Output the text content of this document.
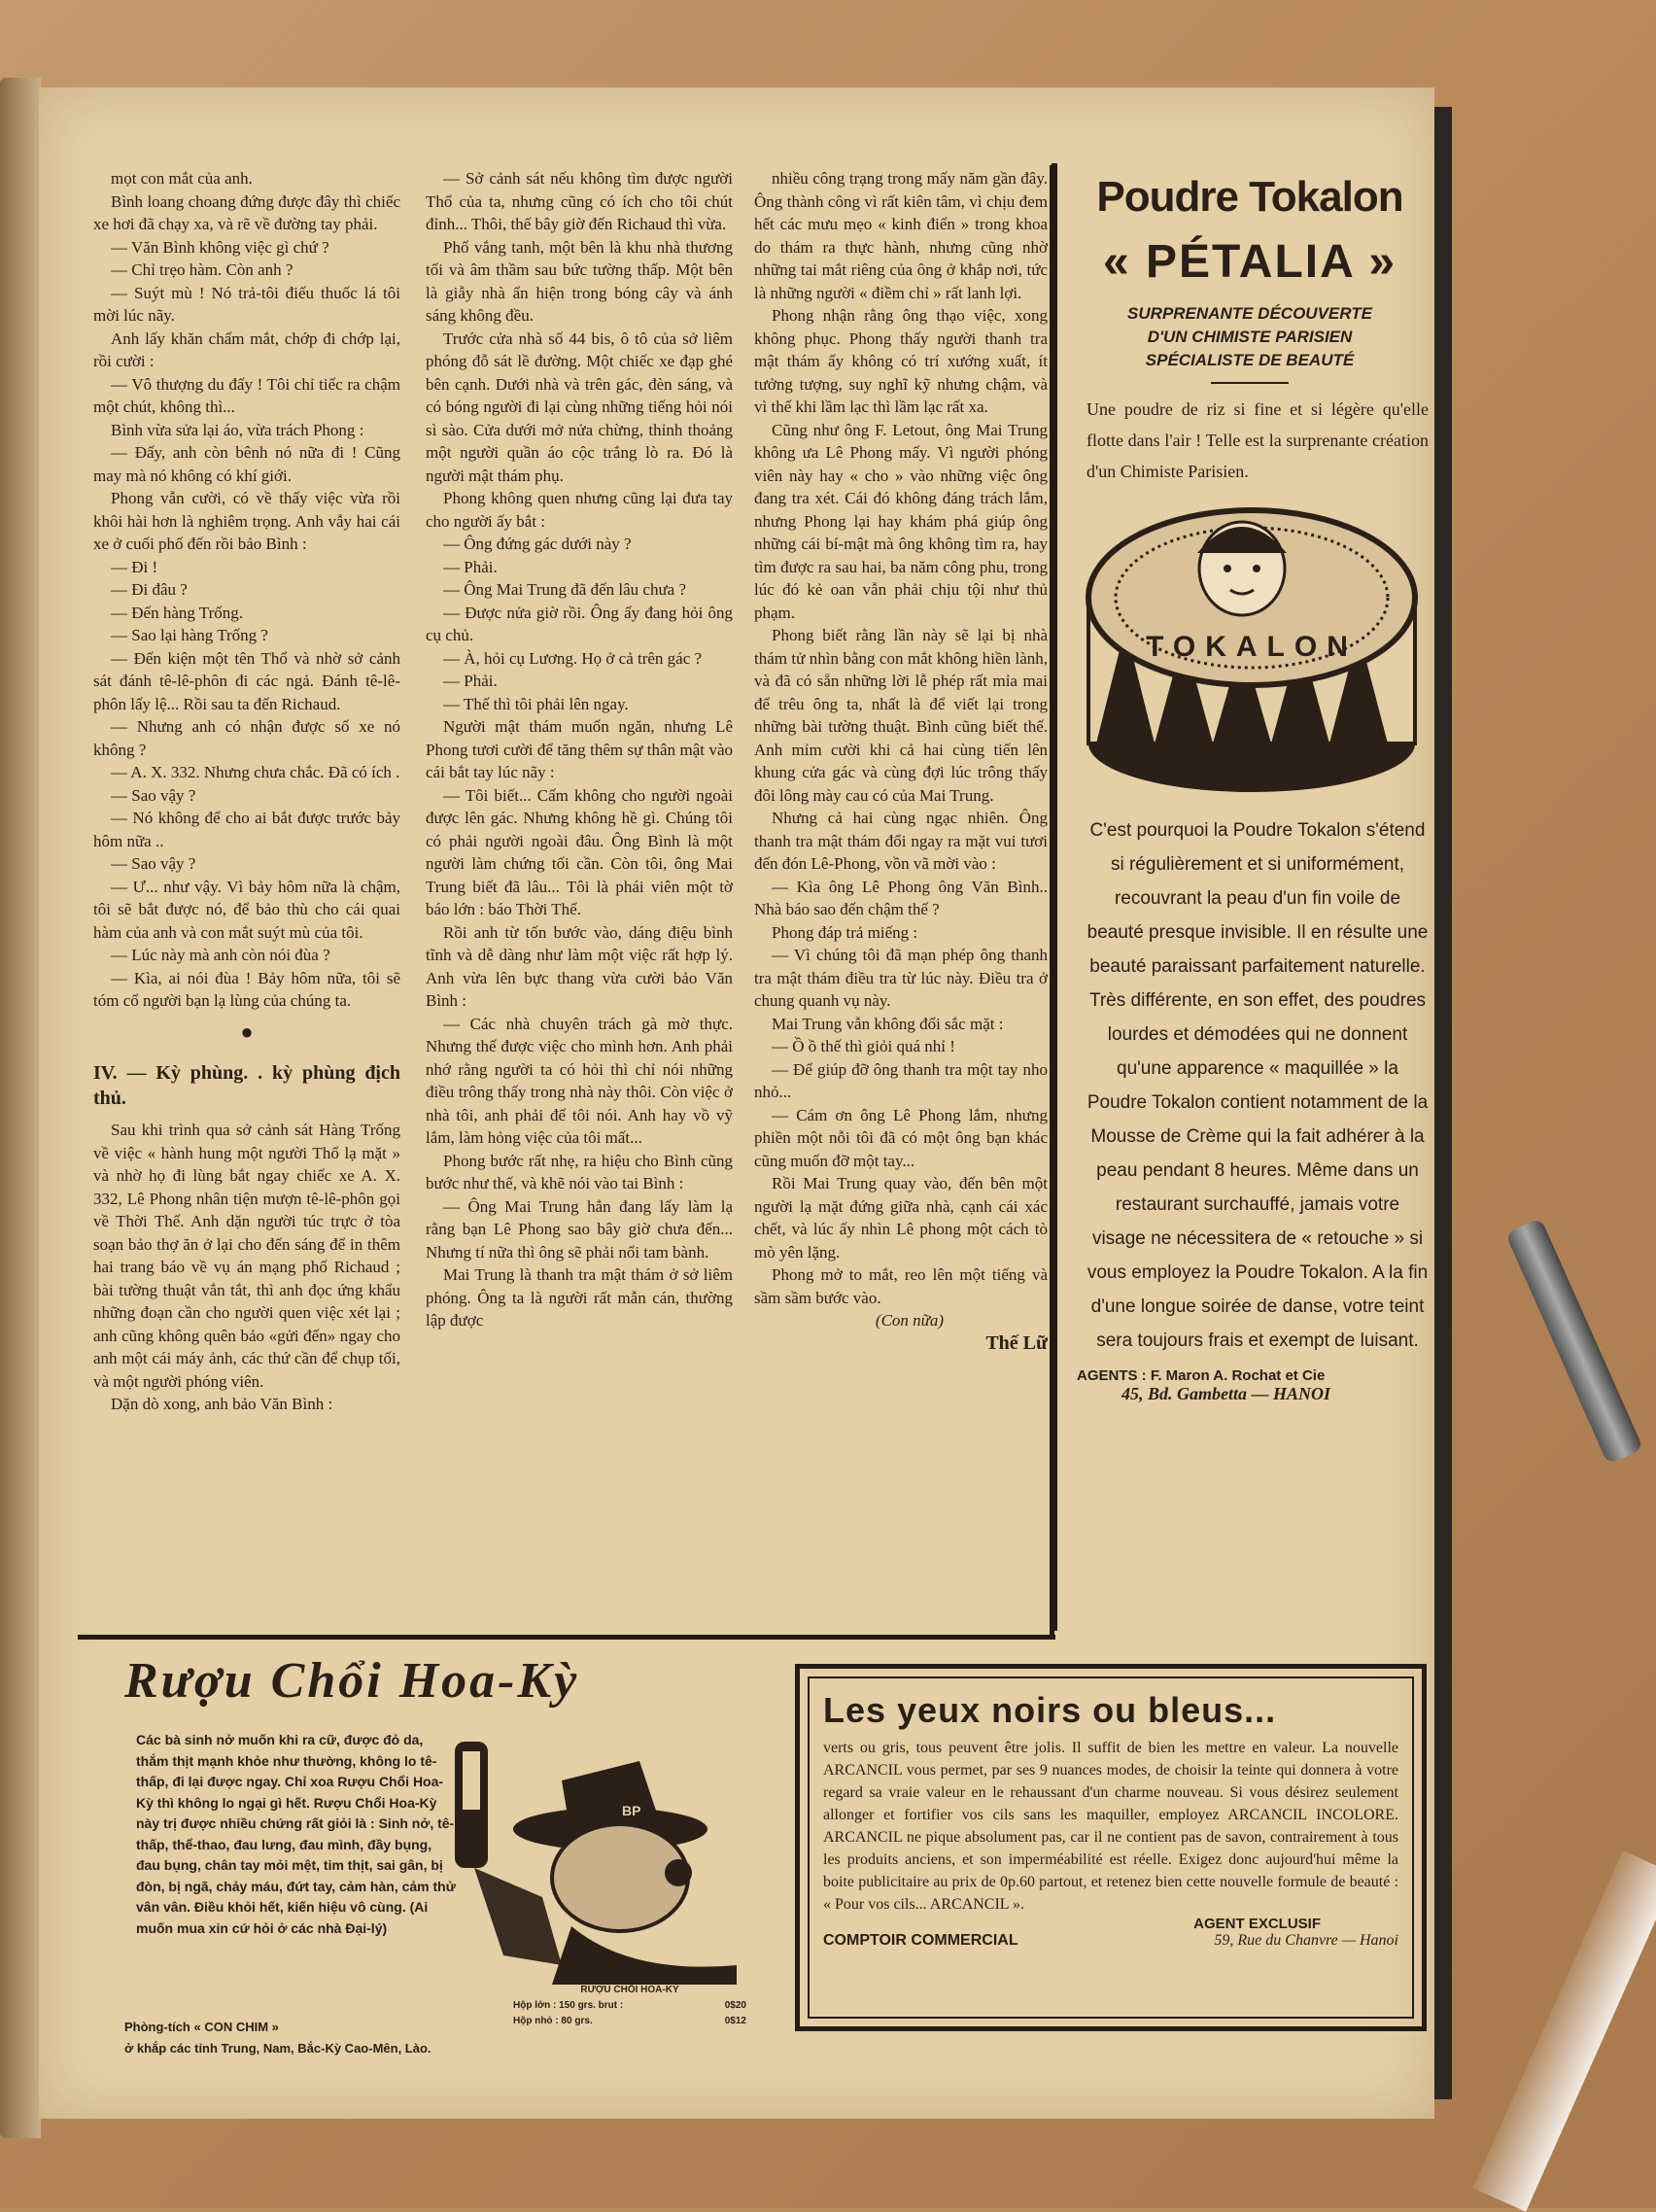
mọt con mắt của anh.

Bình loang choang đứng được đây thì chiếc xe hơi đã chạy xa, và rẽ về đường tay phải.

— Văn Bình không việc gì chứ ?

— Chỉ trẹo hàm. Còn anh ?

— Suýt mù ! Nó trả-tôi điếu thuốc lá tôi mời lúc nãy.

Anh lấy khăn chấm mắt, chớp đi chớp lại, rồi cười :

— Vô thượng du đấy ! Tôi chỉ tiếc ra chậm một chút, không thì...

Bình vừa sửa lại áo, vừa trách Phong :

— Đấy, anh còn bênh nó nữa đi ! Cũng may mà nó không có khí giới.

Phong vẫn cười, có về thấy việc vừa rồi khôi hài hơn là nghiêm trọng. Anh vẫy hai cái xe ở cuối phố đến rồi bảo Bình :

— Đi !

— Đi đâu ?

— Đến hàng Trống.

— Sao lại hàng Trống ?

— Đến kiện một tên Thổ và nhờ sở cảnh sát đánh tê-lê-phôn đi các ngả. Đánh tê-lê-phôn lấy lệ... Rồi sau ta đến Richaud.

— Nhưng anh có nhận được số xe nó không ?

— A. X. 332. Nhưng chưa chắc. Đã có ích .

— Sao vậy ?

— Nó không để cho ai bắt được trước bảy hôm nữa ..

— Sao vậy ?

— Ư... như vậy. Vì bảy hôm nữa là chậm, tôi sẽ bắt được nó, để bảo thù cho cái quai hàm của anh và con mắt suýt mù của tôi.

— Lúc này mà anh còn nói đùa ?

— Kìa, ai nói đùa ! Bảy hôm nữa, tôi sẽ tóm cổ người bạn lạ lùng của chúng ta.

●

IV. — Kỳ phùng. . kỳ phùng địch thủ.

Sau khi trình qua sở cảnh sát Hàng Trống về việc « hành hung một người Thổ lạ mặt » và nhờ họ đi lùng bắt ngay chiếc xe A. X. 332, Lê Phong nhân tiện mượn tê-lê-phôn gọi về Thời Thế. Anh dặn người túc trực ở tòa soạn bảo thợ ăn ở lại cho đến sáng để in thêm hai trang báo về vụ án mạng phố Richaud ; bài tường thuật vắn tắt, thì anh đọc ứng khẩu những đoạn cần cho người quen việc xét lại ; anh cũng không quên bảo «gửi đến» ngay cho anh một cái máy ảnh, các thứ cần để chụp tối, và một người phóng viên.

Dặn dò xong, anh bảo Văn Bình :

— Sở cảnh sát nếu không tìm được người Thổ của ta, nhưng cũng có ích cho tôi chút đỉnh... Thôi, thế bây giờ đến Richaud thì vừa.

Phố vắng tanh, một bên là khu nhà thương tối và âm thầm sau bức tường thấp. Một bên là giẫy nhà ẩn hiện trong bóng cây và ánh sáng không đều.

Trước cửa nhà số 44 bis, ô tô của sở liêm phóng đỗ sát lề đường. Một chiếc xe đạp ghé bên cạnh. Dưới nhà và trên gác, đèn sáng, và có bóng người đi lại cùng những tiếng hỏi nói sì sào. Cửa dưới mở nửa chừng, thỉnh thoảng một người quần áo cộc trắng lò ra. Đó là người mật thám phụ.

Phong không quen nhưng cũng lại đưa tay cho người ấy bắt :

— Ông đứng gác dưới này ?

— Phải.

— Ông Mai Trung đã đến lâu chưa ?

— Được nửa giờ rồi. Ông ấy đang hỏi ông cụ chủ.

— À, hỏi cụ Lương. Họ ở cả trên gác ?

— Phải.

— Thế thì tôi phải lên ngay.

Người mật thám muốn ngăn, nhưng Lê Phong tươi cười để tăng thêm sự thân mật vào cái bắt tay lúc nãy :

— Tôi biết... Cấm không cho người ngoài được lên gác. Nhưng không hề gì. Chúng tôi có phải người ngoài đâu. Ông Bình là một người làm chứng tối cần. Còn tôi, ông Mai Trung biết đã lâu... Tôi là phái viên một tờ báo lớn : báo Thời Thế.

Rồi anh từ tốn bước vào, dáng điệu bình tĩnh và dễ dàng như làm một việc rất hợp lý. Anh vừa lên bực thang vừa cười bảo Văn Bình :

— Các nhà chuyên trách gà mờ thực. Nhưng thế được việc cho mình hơn. Anh phải nhớ rằng người ta có hỏi thì chỉ nói những điều trông thấy trong nhà này thôi. Còn việc ở nhà tôi, anh phải để tôi nói. Anh hay vồ vỹ lắm, làm hỏng việc của tôi mất...

Phong bước rất nhẹ, ra hiệu cho Bình cũng bước như thế, và khẽ nói vào tai Bình :

— Ông Mai Trung hẳn đang lấy làm lạ rằng bạn Lê Phong sao bây giờ chưa đến... Nhưng tí nữa thì ông sẽ phải nổi tam bành.

Mai Trung là thanh tra mật thám ở sở liêm phóng. Ông ta là người rất mẫn cán, thường lập được

nhiều công trạng trong mấy năm gần đây. Ông thành công vì rất kiên tâm, vì chịu đem hết các mưu mẹo « kinh điển » trong khoa do thám ra thực hành, nhưng cũng nhờ những tai mắt riêng của ông ở khắp nơi, tức là những người « điềm chỉ » rất lanh lợi.

Phong nhận rằng ông thạo việc, xong không phục. Phong thấy người thanh tra mật thám ấy không có trí xướng xuất, ít tưởng tượng, suy nghĩ kỹ nhưng chậm, và vì thế khi lầm lạc thì lầm lạc rất xa.

Cũng như ông F. Letout, ông Mai Trung không ưa Lê Phong mấy. Vì người phóng viên này hay « cho » vào những việc ông đang tra xét. Cái đó không đáng trách lắm, nhưng Phong lại hay khám phá giúp ông những cái bí-mật mà ông không tìm ra, hay tìm được ra sau hai, ba năm công phu, trong lúc đó kẻ oan vẫn phải chịu tội như thủ phạm.

Phong biết rằng lần này sẽ lại bị nhà thám tử nhìn bằng con mắt không hiền lành, và đã có sẵn những lời lễ phép rất mỉa mai để trêu ông ta, nhất là để viết lại trong những bài tường thuật. Bình cũng biết thế. Anh mỉm cười khi cả hai cùng tiến lên khung cửa gác và cùng đợi lúc trông thấy đôi lông mày cau có của Mai Trung.

Nhưng cả hai cùng ngạc nhiên. Ông thanh tra mật thám đổi ngay ra mặt vui tươi đến đón Lê-Phong, vồn vã mời vào :

— Kìa ông Lê Phong ông Văn Bình.. Nhà báo sao đến chậm thế ?

Phong đáp trả miếng :

— Vì chúng tôi đã mạn phép ông thanh tra mật thám điều tra từ lúc này. Điều tra ở chung quanh vụ này.

Mai Trung vẫn không đổi sắc mặt :

— Ồ ồ thế thì giỏi quá nhỉ !

— Để giúp đỡ ông thanh tra một tay nho nhỏ...

— Cám ơn ông Lê Phong lắm, nhưng phiền một nỗi tôi đã có một ông bạn khác cũng muốn đỡ một tay...

Rồi Mai Trung quay vào, đến bên một người lạ mặt đứng giữa nhà, cạnh cái xác chết, và lúc ấy nhìn Lê phong một cách tò mò yên lặng.

Phong mở to mắt, reo lên một tiếng và sầm sầm bước vào.

(Con nữa)

Thế Lữ

Poudre Tokalon
« PÉTALIA »
SURPRENANTE DÉCOUVERTE
D'UN CHIMISTE PARISIEN
SPÉCIALISTE DE BEAUTÉ
Une poudre de riz si fine et si légère qu'elle flotte dans l'air ! Telle est la surprenante création d'un Chimiste Parisien.
TOKALON
C'est pourquoi la Poudre Tokalon s'étend si régulièrement et si uniformément, recouvrant la peau d'un fin voile de beauté presque invisible. Il en résulte une beauté paraissant parfaitement naturelle. Très différente, en son effet, des poudres lourdes et démodées qui ne donnent qu'une apparence « maquillée » la Poudre Tokalon contient notamment de la Mousse de Crème qui la fait adhérer à la peau pendant 8 heures. Même dans un restaurant surchauffé, jamais votre visage ne nécessitera de « retouche » si vous employez la Poudre Tokalon. A la fin d'une longue soirée de danse, votre teint sera toujours frais et exempt de luisant.
AGENTS : F. Maron A. Rochat et Cie
45, Bd. Gambetta — HANOI
Rượu Chổi Hoa-Kỳ
Các bà sinh nở muốn khi ra cữ, được đỏ da, thắm thịt mạnh khỏe như thường, không lo tê-thấp, đi lại được ngay. Chỉ xoa Rượu Chổi Hoa-Kỳ thì không lo ngại gì hết. Rượu Chổi Hoa-Kỳ này trị được nhiều chứng rất giỏi là : Sinh nở, tê-thấp, thể-thao, đau lưng, đau mình, đầy bụng, đau bụng, chân tay mỏi mệt, tim thịt, sai gân, bị đòn, bị ngã, chảy máu, đứt tay, cảm hàn, cảm thử vân vân. Điều khỏi hết, kiến hiệu vô cùng. (Ai muốn mua xin cứ hỏi ở các nhà Đại-lý)
BP
RƯỢU CHỔI HOA-KỲ
Hộp lớn : 150 grs. brut :	0$20
Hộp nhỏ : 80 grs.	0$12
Phòng-tích « CON CHIM »
ở khắp các tỉnh Trung, Nam, Bắc-Kỳ Cao-Mên, Lào.
Les yeux noirs ou bleus...
verts ou gris, tous peuvent être jolis. Il suffit de bien les mettre en valeur. La nouvelle ARCANCIL vous permet, par ses 9 nuances modes, de choisir la teinte qui donnera à votre regard sa vraie valeur en le rehaussant d'un charme nouveau. Si vous désirez seulement allonger et fortifier vos cils sans les maquiller, employez ARCANCIL INCOLORE. ARCANCIL ne pique absolument pas, car il ne contient pas de savon, contrairement à tous les produits anciens, et son imperméabilité est réelle. Exigez donc aujourd'hui même la boite publicitaire au prix de 0p.60 partout, et retenez bien cette nouvelle formule de beauté : « Pour vos cils... ARCANCIL ».
AGENT EXCLUSIF
COMPTOIR COMMERCIAL	59, Rue du Chanvre — Hanoi
